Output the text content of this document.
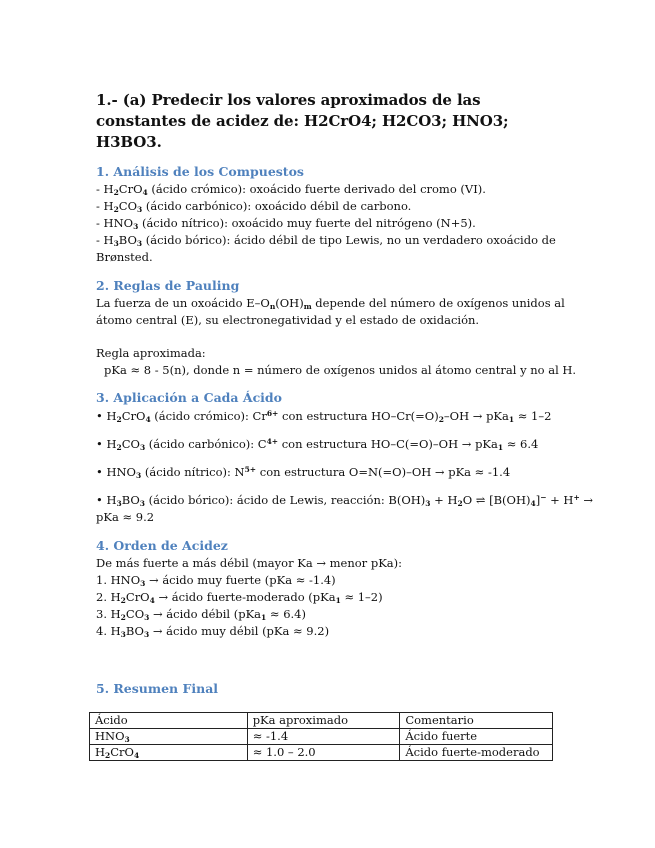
1.- (a) Predecir los valores aproximados de las constantes de acidez de: H2CrO4; H2CO3; HNO3; H3BO3.
1. Análisis de los Compuestos
- $H_2CrO_4$ (ácido crómico): oxoácido fuerte derivado del cromo (VI).
- $H_2CO_3$ (ácido carbónico): oxoácido débil de carbono.
- $HNO_3$ (ácido nítrico): oxoácido muy fuerte del nitrógeno (N+5).
- $H_3BO_3$ (ácido bórico): ácido débil de tipo Lewis, no un verdadero oxoácido de
Brønsted.
2. Reglas de Pauling
La fuerza de un oxoácido $E-O_n(OH)_m$ depende del número de oxígenos unidos al
átomo central (E), su electronegatividad y el estado de oxidación.
Regla aproximada:
pKa ≈ 8 - 5(n), donde n = número de oxígenos unidos al átomo central y no al H.
3. Aplicación a Cada Ácido
• $H_2CrO_4$ (ácido crómico): $Cr^{6+}$ con estructura $HO-Cr(=O)_2-OH \to pKa_1 \approx 1-2$
• $H_2CO_3$ (ácido carbónico): $C^{4+}$ con estructura HO–C(=O)–OH → pKa$_1$ ≈ 6.4
• $HNO_3$ (ácido nítrico): $N^{5+}$ con estructura O=N(=O)–OH → pKa ≈ -1.4
• $H_3BO_3$ (ácido bórico): ácido de Lewis, reacción: $B(OH)_3 + H_2O$ ⇌ $[B(OH)_4]^- + H^+$ →
pKa ≈ 9.2
4. Orden de Acidez
De más fuerte a más débil (mayor Ka → menor pKa):
1. $HNO_3$ → ácido muy fuerte (pKa ≈ -1.4)
2. $H_2CrO_4$ → ácido fuerte-moderado (pKa$_1$ ≈ 1–2)
3. $H_2CO_3$ → ácido débil (pKa$_1$ ≈ 6.4)
4. $H_3BO_3$ → ácido muy débil (pKa ≈ 9.2)
5. Resumen Final
Ácido	pKa aproximado	Comentario
$HNO_3$	≈ -1.4	Ácido fuerte
$H_2CrO_4$	≈ 1.0 – 2.0	Ácido fuerte-moderado
